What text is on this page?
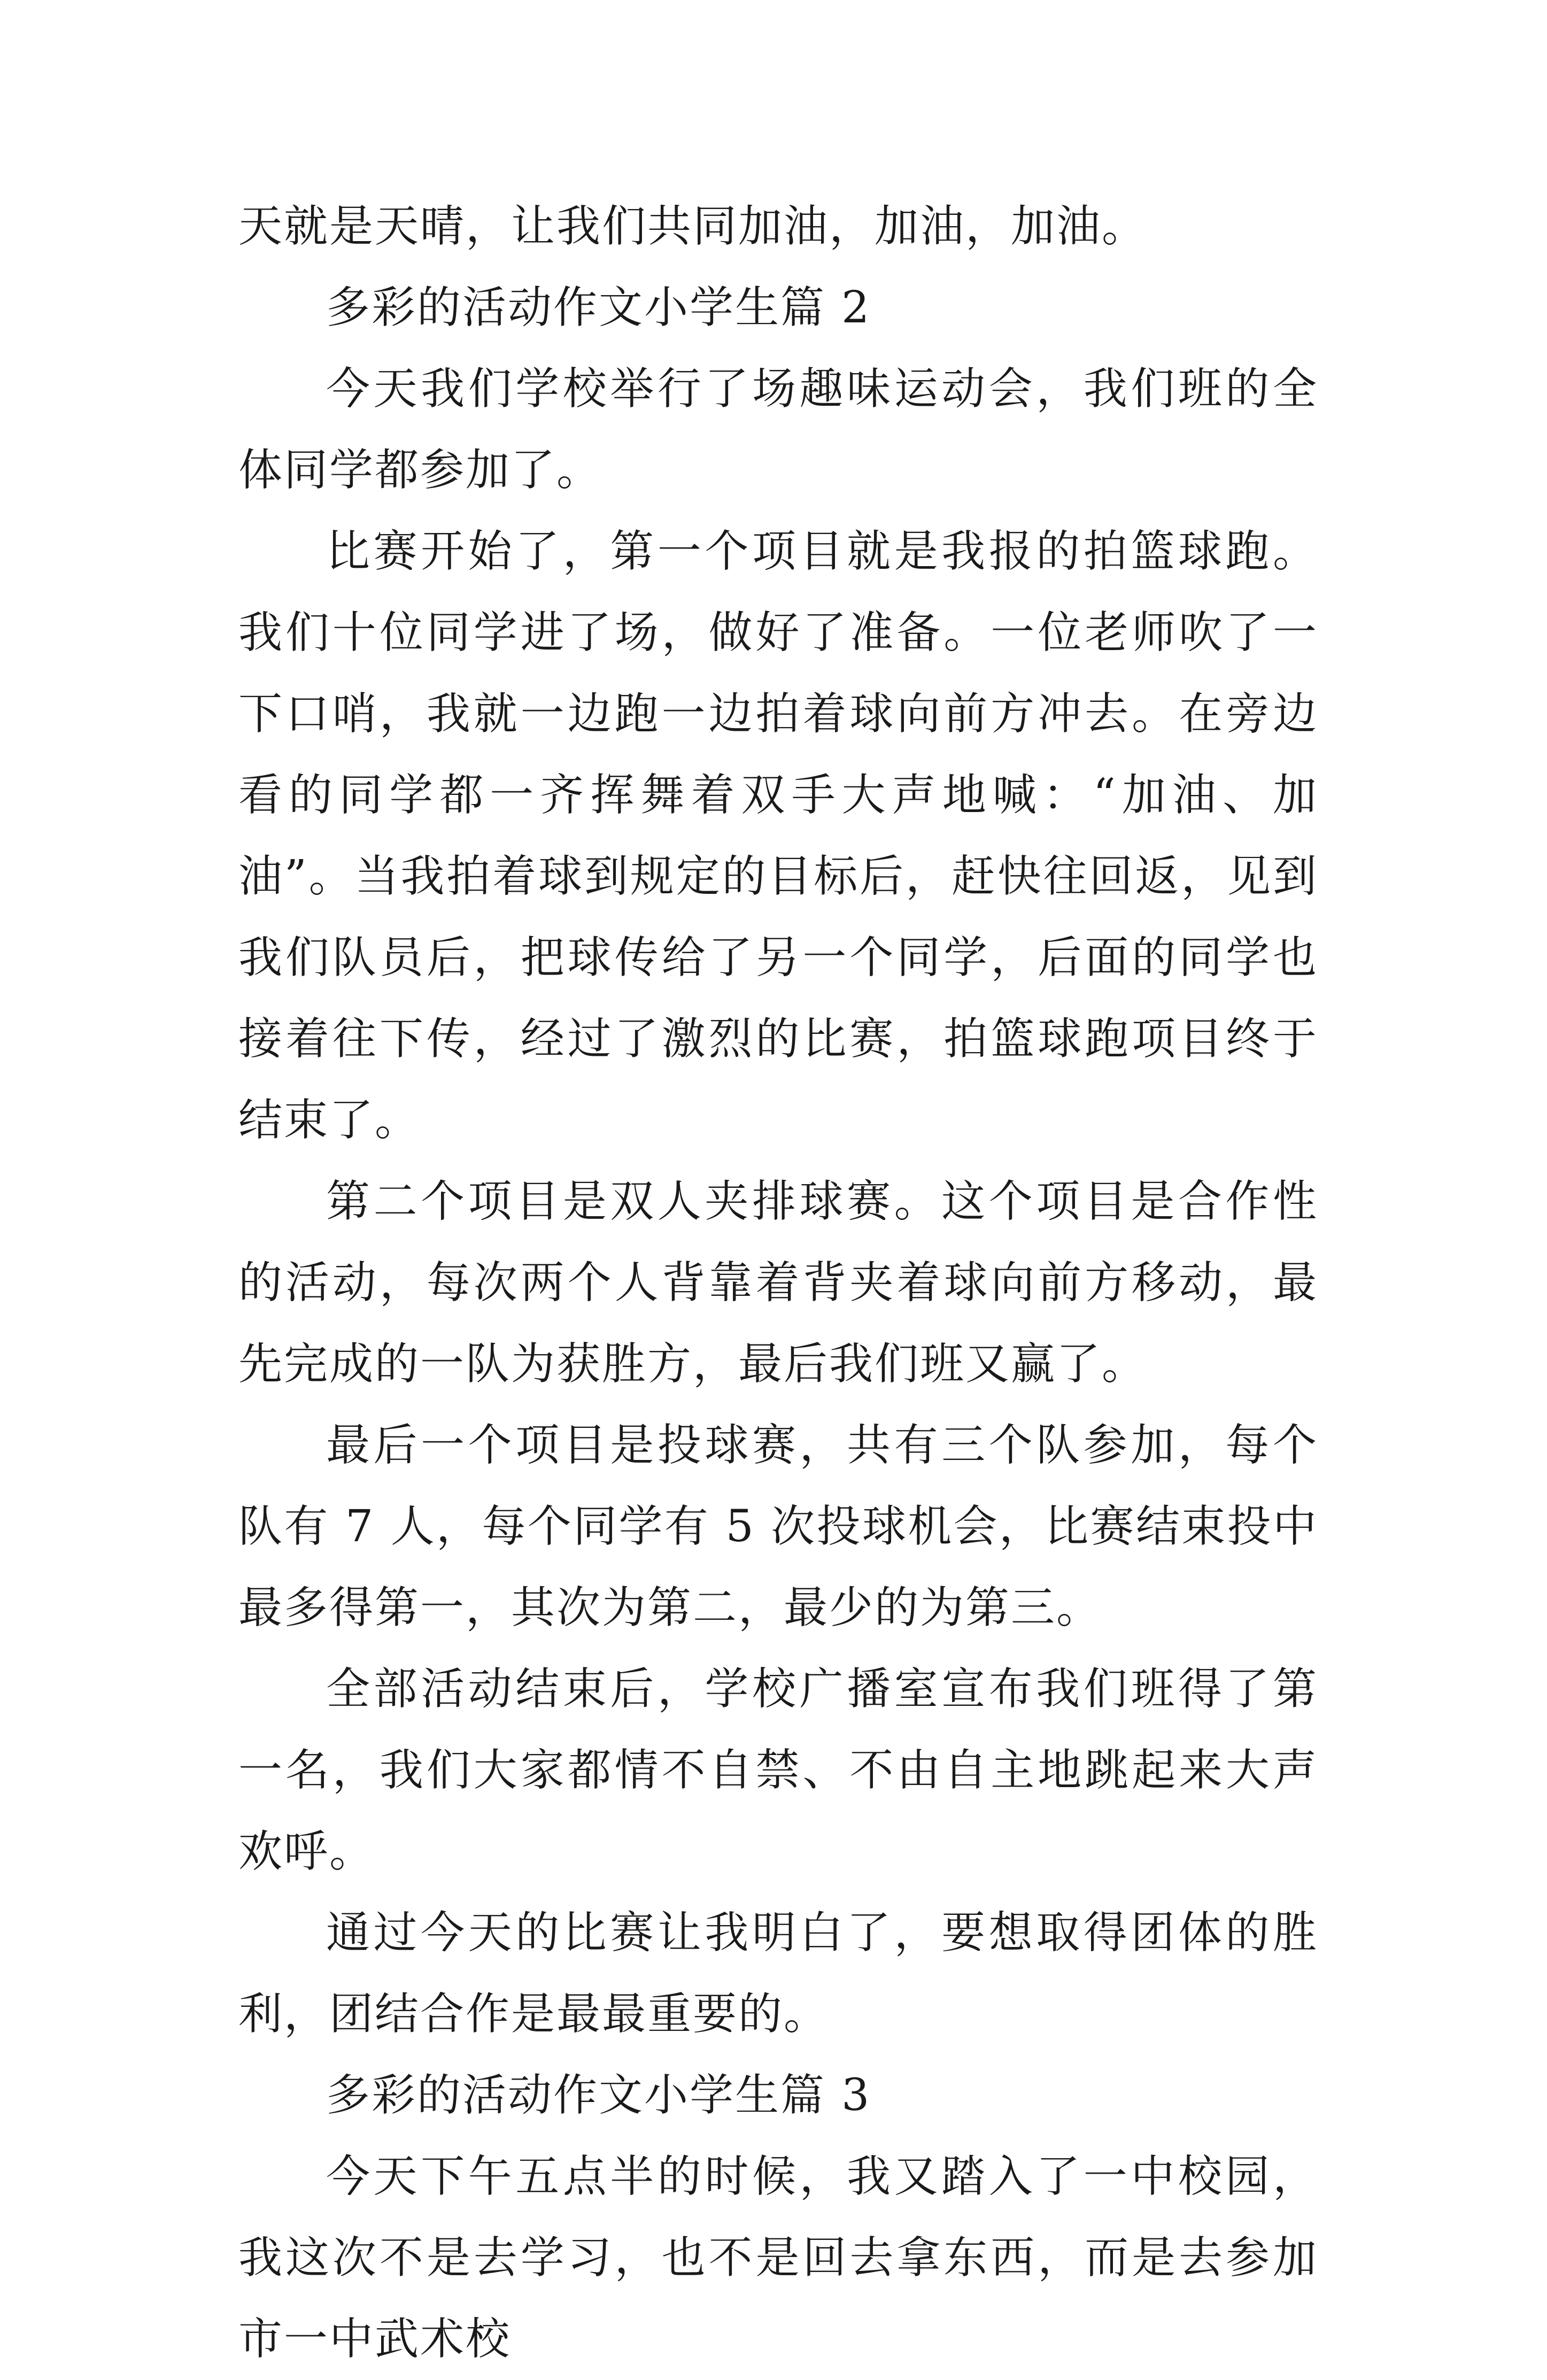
天就是天晴，让我们共同加油，加油，加油。

多彩的活动作文小学生篇 2

今天我们学校举行了场趣味运动会，我们班的全体同学都参加了。

比赛开始了，第一个项目就是我报的拍篮球跑。我们十位同学进了场，做好了准备。一位老师吹了一下口哨，我就一边跑一边拍着球向前方冲去。在旁边看的同学都一齐挥舞着双手大声地喊：“加油、加油”。当我拍着球到规定的目标后，赶快往回返，见到我们队员后，把球传给了另一个同学，后面的同学也接着往下传，经过了激烈的比赛，拍篮球跑项目终于结束了。

第二个项目是双人夹排球赛。这个项目是合作性的活动，每次两个人背靠着背夹着球向前方移动，最先完成的一队为获胜方，最后我们班又赢了。

最后一个项目是投球赛，共有三个队参加，每个队有 7 人，每个同学有 5 次投球机会，比赛结束投中最多得第一，其次为第二，最少的为第三。

全部活动结束后，学校广播室宣布我们班得了第一名，我们大家都情不自禁、不由自主地跳起来大声欢呼。

通过今天的比赛让我明白了，要想取得团体的胜利，团结合作是最最重要的。

多彩的活动作文小学生篇 3

今天下午五点半的时候，我又踏入了一中校园，我这次不是去学习，也不是回去拿东西，而是去参加市一中武术校
